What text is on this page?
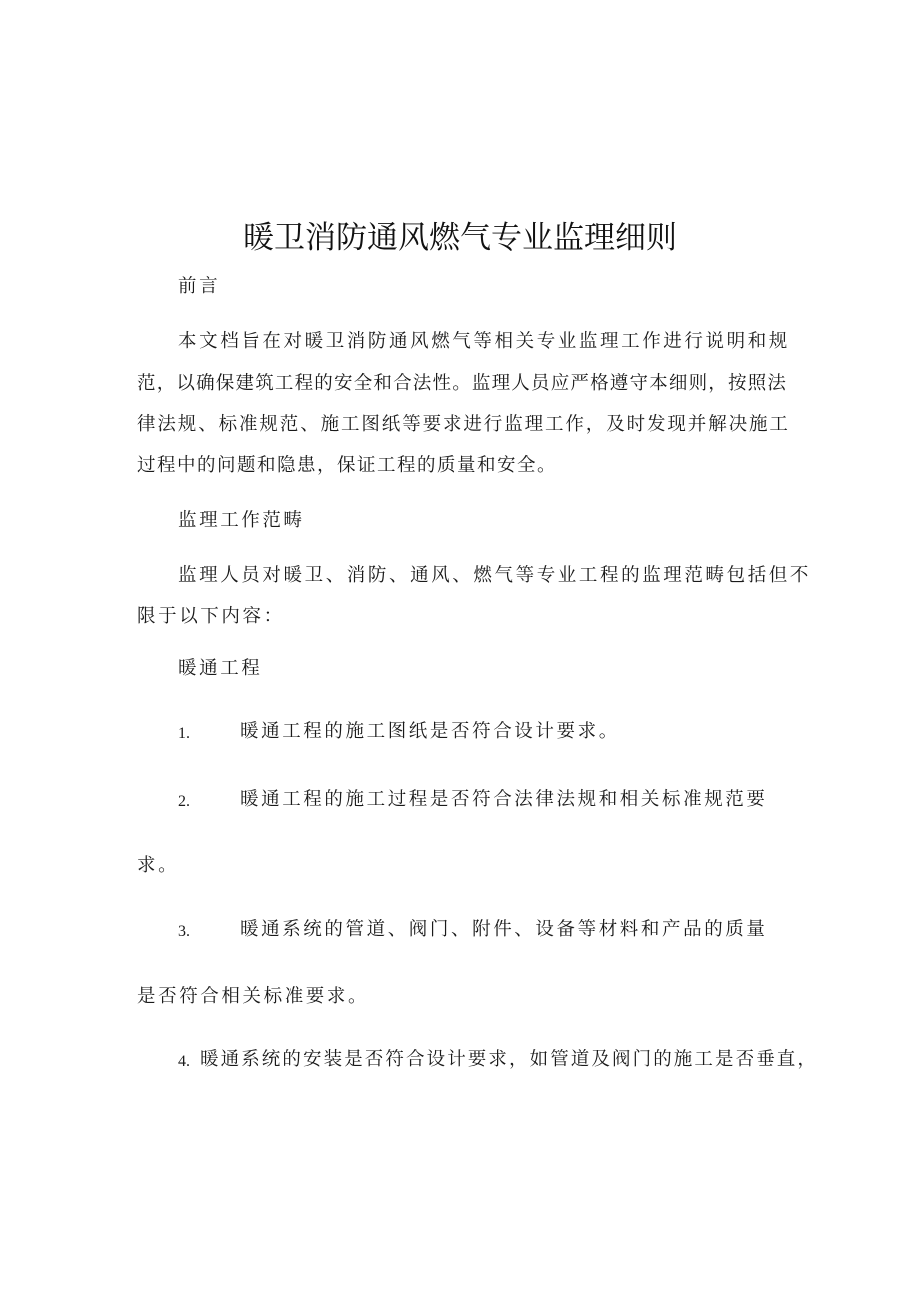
暖卫消防通风燃气专业监理细则
前言
本文档旨在对暖卫消防通风燃气等相关专业监理工作进行说明和规
范，以确保建筑工程的安全和合法性。监理人员应严格遵守本细则，按照法
律法规、标准规范、施工图纸等要求进行监理工作，及时发现并解决施工
过程中的问题和隐患，保证工程的质量和安全。
监理工作范畴
监理人员对暖卫、消防、通风、燃气等专业工程的监理范畴包括但不
限于以下内容：
暖通工程
1.	暖通工程的施工图纸是否符合设计要求。
2.	暖通工程的施工过程是否符合法律法规和相关标准规范要
求。
3.	暖通系统的管道、阀门、附件、设备等材料和产品的质量
是否符合相关标准要求。
4. 暖通系统的安装是否符合设计要求，如管道及阀门的施工是否垂直，
